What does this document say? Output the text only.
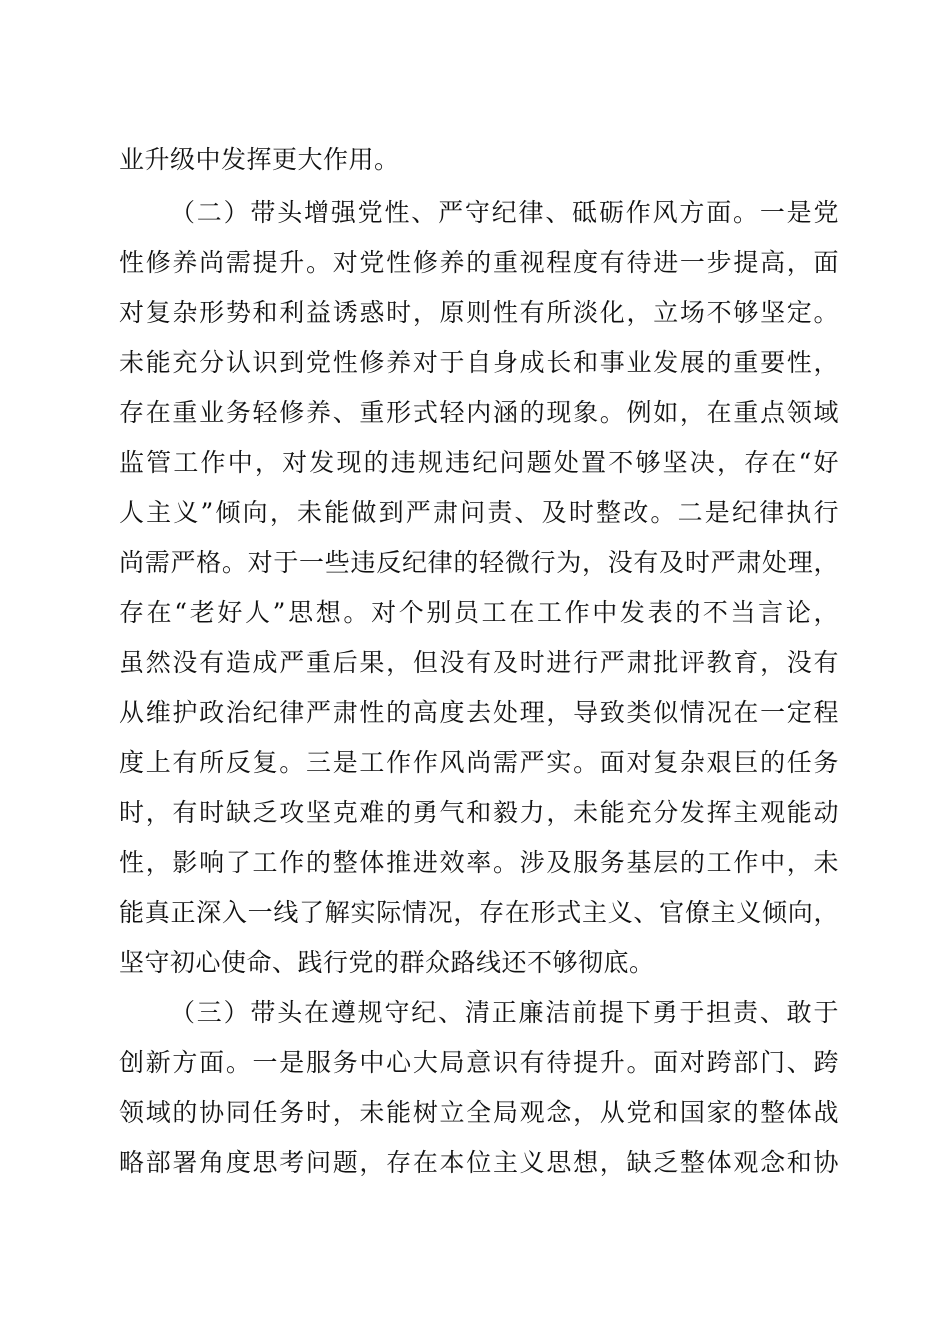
业升级中发挥更大作用。
（二）带头增强党性、严守纪律、砥砺作风方面。一是党
性修养尚需提升。对党性修养的重视程度有待进一步提高，面
对复杂形势和利益诱惑时，原则性有所淡化，立场不够坚定。
未能充分认识到党性修养对于自身成长和事业发展的重要性，
存在重业务轻修养、重形式轻内涵的现象。例如，在重点领域
监管工作中，对发现的违规违纪问题处置不够坚决，存在“好
人主义”倾向，未能做到严肃问责、及时整改。二是纪律执行
尚需严格。对于一些违反纪律的轻微行为，没有及时严肃处理，
存在“老好人”思想。对个别员工在工作中发表的不当言论，
虽然没有造成严重后果，但没有及时进行严肃批评教育，没有
从维护政治纪律严肃性的高度去处理，导致类似情况在一定程
度上有所反复。三是工作作风尚需严实。面对复杂艰巨的任务
时，有时缺乏攻坚克难的勇气和毅力，未能充分发挥主观能动
性，影响了工作的整体推进效率。涉及服务基层的工作中，未
能真正深入一线了解实际情况，存在形式主义、官僚主义倾向，
坚守初心使命、践行党的群众路线还不够彻底。
（三）带头在遵规守纪、清正廉洁前提下勇于担责、敢于
创新方面。一是服务中心大局意识有待提升。面对跨部门、跨
领域的协同任务时，未能树立全局观念，从党和国家的整体战
略部署角度思考问题，存在本位主义思想，缺乏整体观念和协
